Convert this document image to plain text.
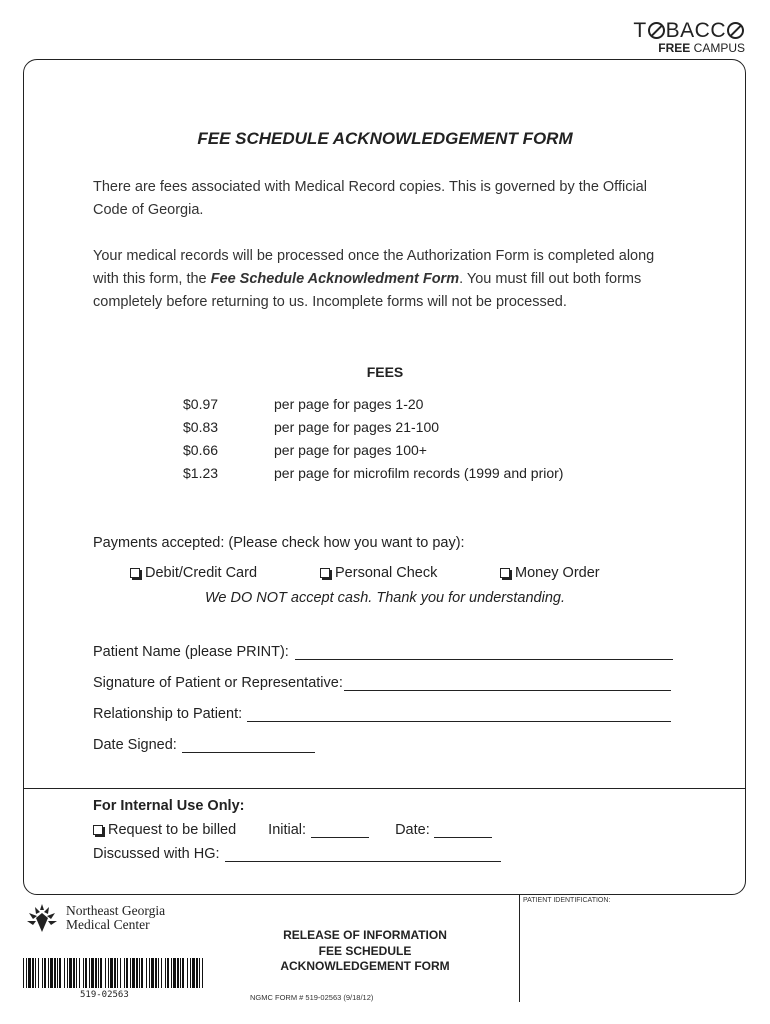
T BACC
FREE CAMPUS
FEE SCHEDULE ACKNOWLEDGEMENT FORM
There are fees associated with Medical Record copies. This is governed by the Official Code of Georgia.
Your medical records will be processed once the Authorization Form is completed along with this form, the Fee Schedule Acknowledment Form. You must fill out both forms completely before returning to us. Incomplete forms will not be processed.
FEES
$0.97	per page for pages 1-20
$0.83	per page for pages 21-100
$0.66	per page for pages 100+
$1.23	per page for microfilm records (1999 and prior)
Payments accepted: (Please check how you want to pay):
Debit/Credit Card	Personal Check	Money Order
We DO NOT accept cash. Thank you for understanding.
Patient Name (please PRINT):
Signature of Patient or Representative:
Relationship to Patient:
Date Signed:
For Internal Use Only:
Request to be billed Initial:	Date:
Discussed with HG:
PATIENT IDENTIFICATION:
Northeast Georgia
Medical Center
RELEASE OF INFORMATION
FEE SCHEDULE
ACKNOWLEDGEMENT FORM
NGMC FORM # 519-02563 (9/18/12)
519-02563
